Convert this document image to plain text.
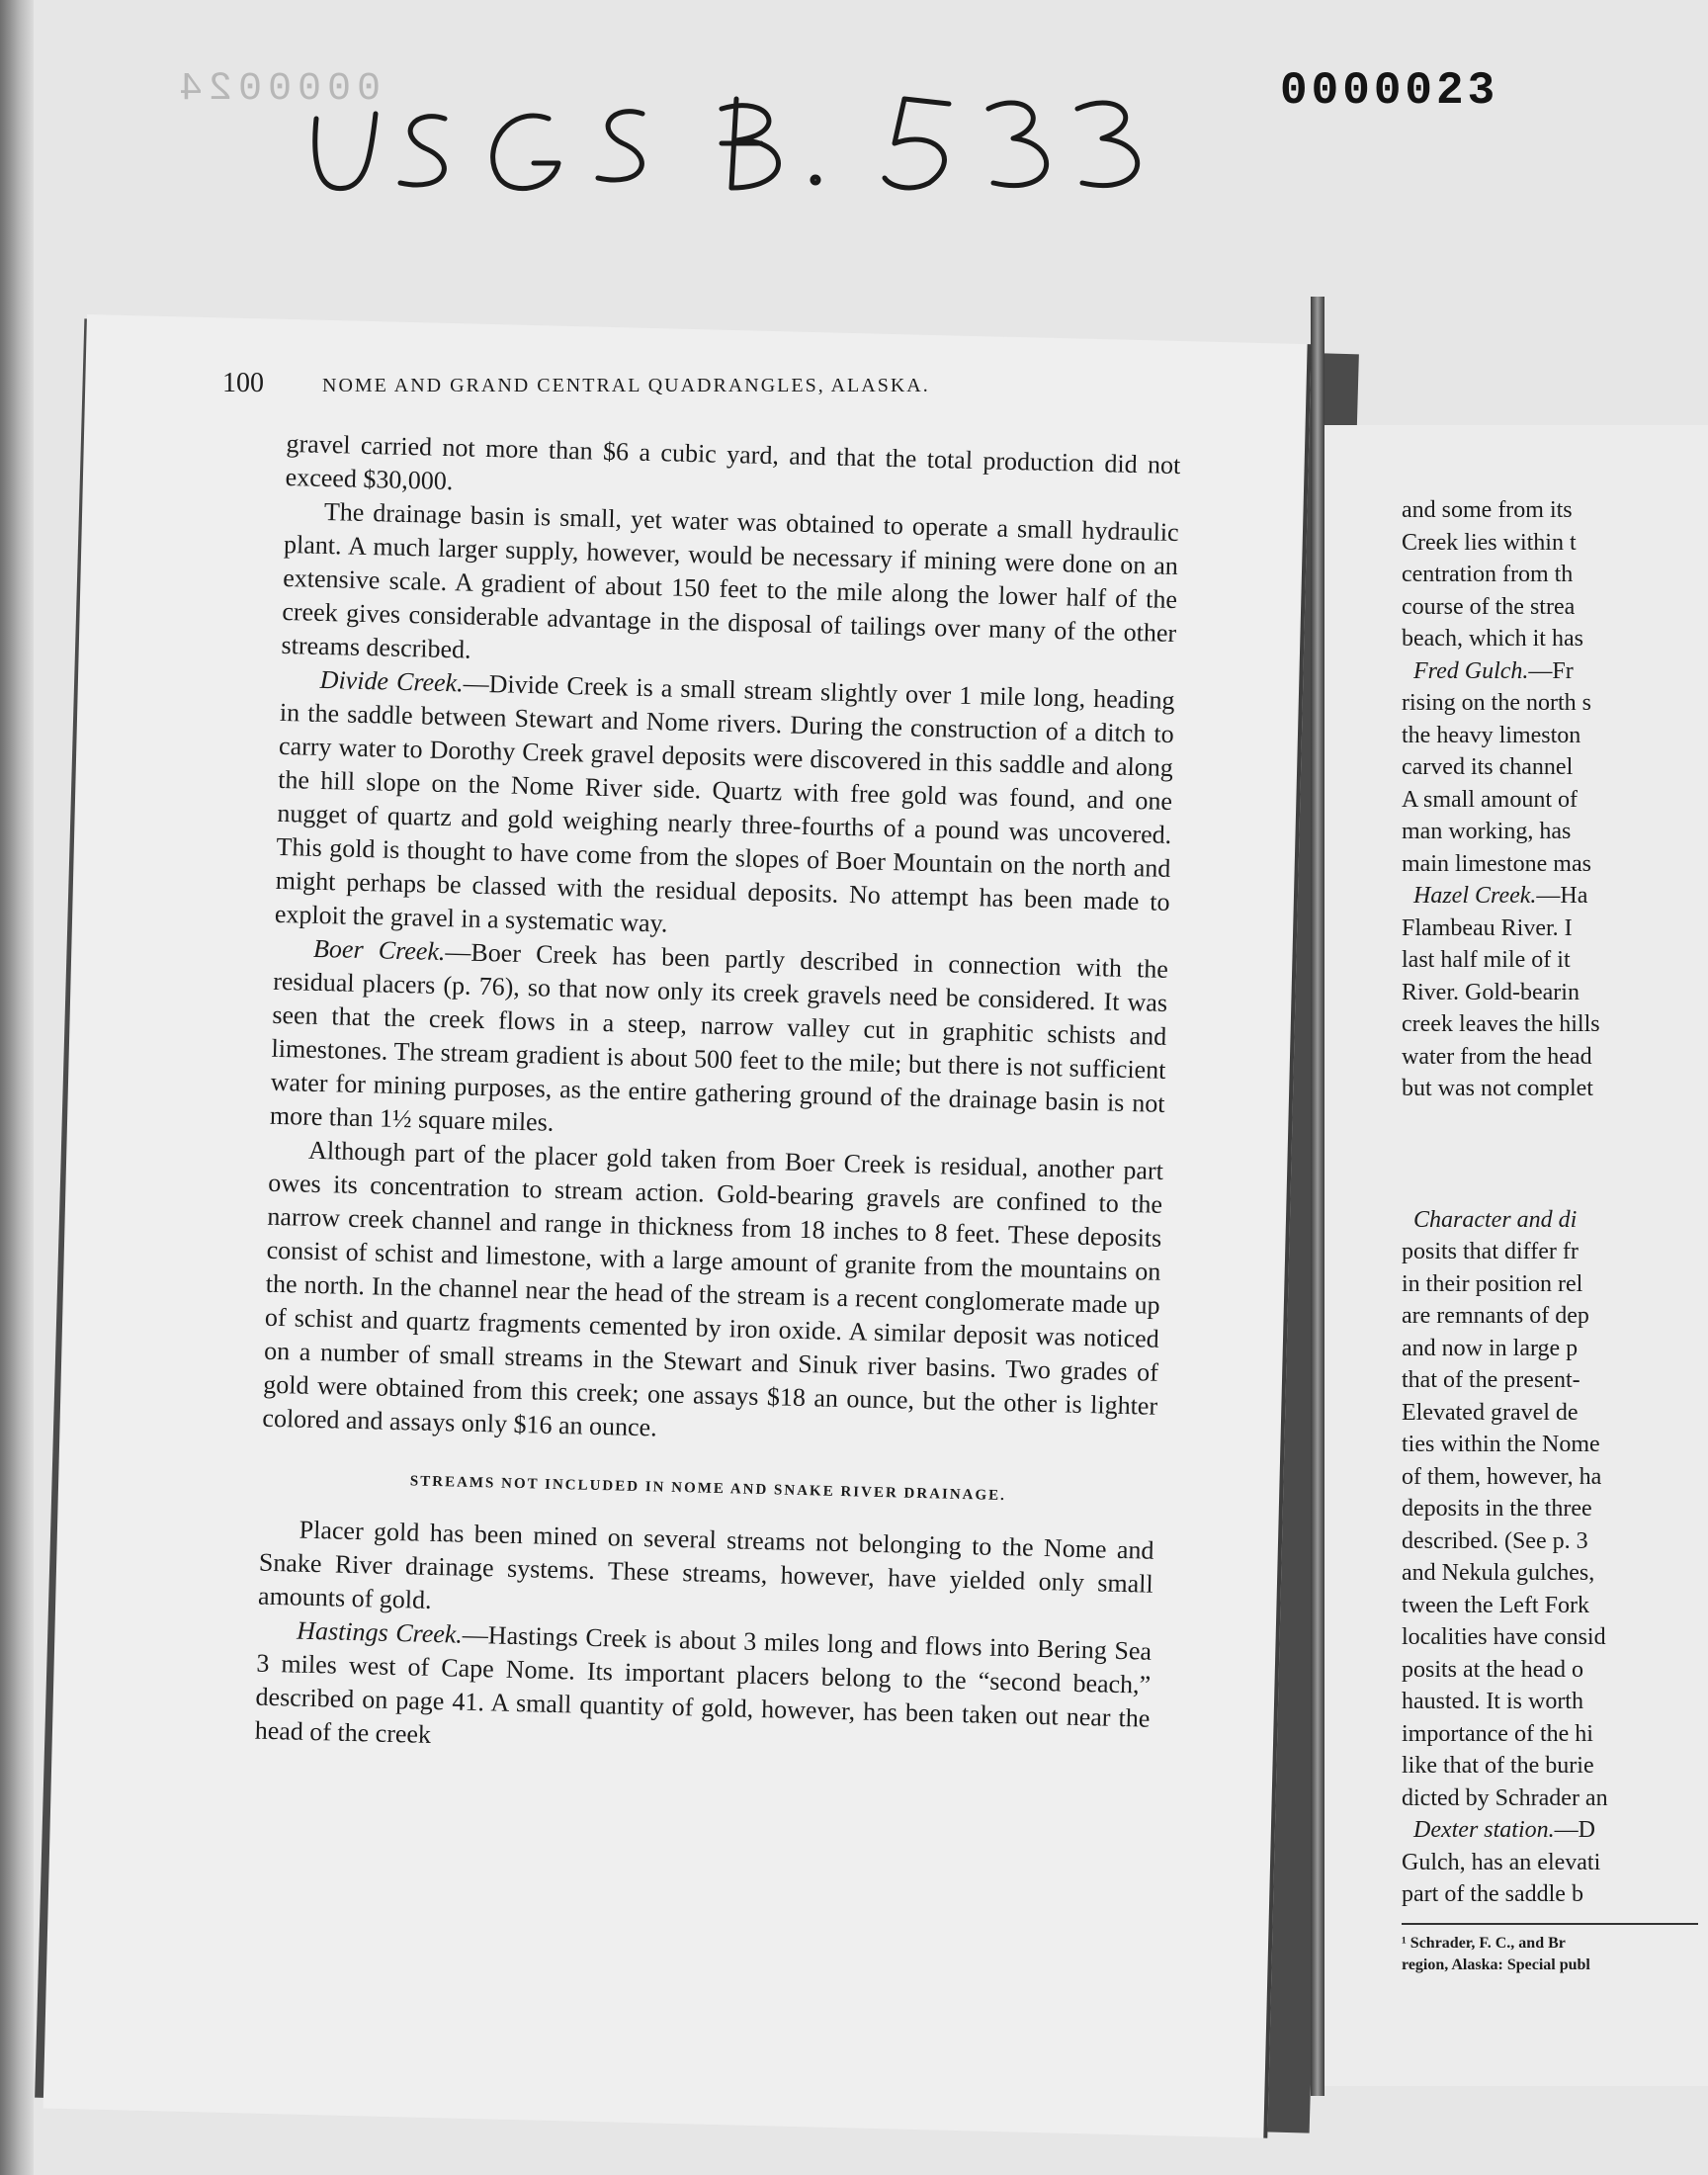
0000024	0000023
100	NOME AND GRAND CENTRAL QUADRANGLES, ALASKA.

gravel carried not more than $6 a cubic yard, and that the total production did not exceed $30,000.

The drainage basin is small, yet water was obtained to operate a small hydraulic plant. A much larger supply, however, would be necessary if mining were done on an extensive scale. A gradient of about 150 feet to the mile along the lower half of the creek gives considerable advantage in the disposal of tailings over many of the other streams described.

Divide Creek.—Divide Creek is a small stream slightly over 1 mile long, heading in the saddle between Stewart and Nome rivers. During the construction of a ditch to carry water to Dorothy Creek gravel deposits were discovered in this saddle and along the hill slope on the Nome River side. Quartz with free gold was found, and one nugget of quartz and gold weighing nearly three-fourths of a pound was uncovered. This gold is thought to have come from the slopes of Boer Mountain on the north and might perhaps be classed with the residual deposits. No attempt has been made to exploit the gravel in a systematic way.

Boer Creek.—Boer Creek has been partly described in connection with the residual placers (p. 76), so that now only its creek gravels need be considered. It was seen that the creek flows in a steep, narrow valley cut in graphitic schists and limestones. The stream gradient is about 500 feet to the mile; but there is not sufficient water for mining purposes, as the entire gathering ground of the drainage basin is not more than 1½ square miles.

Although part of the placer gold taken from Boer Creek is residual, another part owes its concentration to stream action. Gold-bearing gravels are confined to the narrow creek channel and range in thickness from 18 inches to 8 feet. These deposits consist of schist and limestone, with a large amount of granite from the mountains on the north. In the channel near the head of the stream is a recent conglomerate made up of schist and quartz fragments cemented by iron oxide. A similar deposit was noticed on a number of small streams in the Stewart and Sinuk river basins. Two grades of gold were obtained from this creek; one assays $18 an ounce, but the other is lighter colored and assays only $16 an ounce.

STREAMS NOT INCLUDED IN NOME AND SNAKE RIVER DRAINAGE.

Placer gold has been mined on several streams not belonging to the Nome and Snake River drainage systems. These streams, however, have yielded only small amounts of gold.

Hastings Creek.—Hastings Creek is about 3 miles long and flows into Bering Sea 3 miles west of Cape Nome. Its important placers belong to the “second beach,” described on page 41. A small quantity of gold, however, has been taken out near the head of the creek

and some from its
Creek lies within t
centration from th
course of the strea
beach, which it has
Fred Gulch.—Fr
rising on the north s
the heavy limeston
carved its channel
A small amount of
man working, has
main limestone mas
Hazel Creek.—Ha
Flambeau River. I
last half mile of it
River. Gold-bearin
creek leaves the hills
water from the head
but was not complet
Character and di
posits that differ fr
in their position rel
are remnants of dep
and now in large p
that of the present-
Elevated gravel de
ties within the Nome
of them, however, ha
deposits in the three
described. (See p. 3
and Nekula gulches,
tween the Left Fork
localities have consid
posits at the head o
hausted. It is worth
importance of the hi
like that of the burie
dicted by Schrader an
Dexter station.—D
Gulch, has an elevati
part of the saddle b
¹ Schrader, F. C., and Br
region, Alaska: Special publ
